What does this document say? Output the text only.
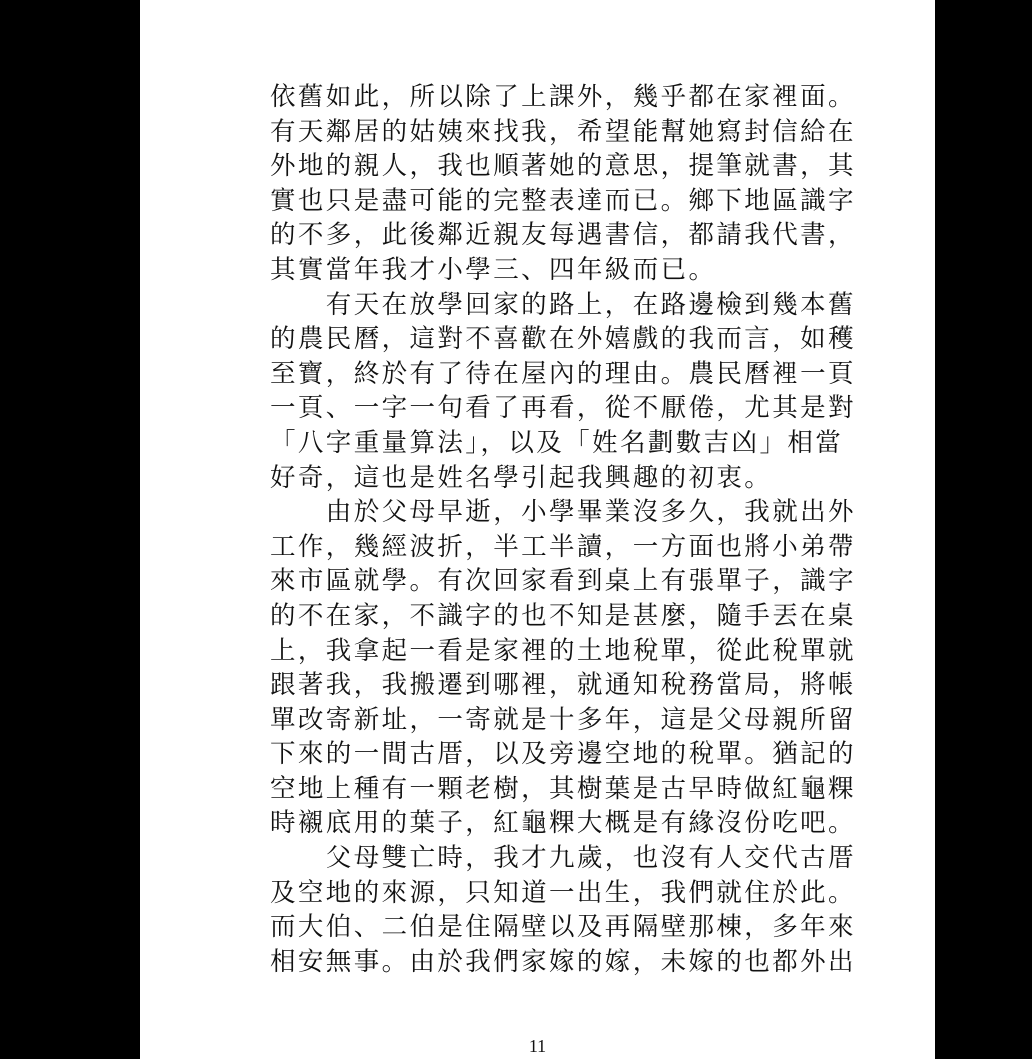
依舊如此，所以除了上課外，幾乎都在家裡面。
有天鄰居的姑姨來找我，希望能幫她寫封信給在
外地的親人，我也順著她的意思，提筆就書，其
實也只是盡可能的完整表達而已。鄉下地區識字
的不多，此後鄰近親友每遇書信，都請我代書，
其實當年我才小學三、四年級而已。
　　有天在放學回家的路上，在路邊檢到幾本舊
的農民曆，這對不喜歡在外嬉戲的我而言，如穫
至寶，終於有了待在屋內的理由。農民曆裡一頁
一頁、一字一句看了再看，從不厭倦，尤其是對
「八字重量算法」，以及「姓名劃數吉凶」相當
好奇，這也是姓名學引起我興趣的初衷。
　　由於父母早逝，小學畢業沒多久，我就出外
工作，幾經波折，半工半讀，一方面也將小弟帶
來市區就學。有次回家看到桌上有張單子，識字
的不在家，不識字的也不知是甚麼，隨手丟在桌
上，我拿起一看是家裡的土地稅單，從此稅單就
跟著我，我搬遷到哪裡，就通知稅務當局，將帳
單改寄新址，一寄就是十多年，這是父母親所留
下來的一間古厝，以及旁邊空地的稅單。猶記的
空地上種有一顆老樹，其樹葉是古早時做紅龜粿
時襯底用的葉子，紅龜粿大概是有緣沒份吃吧。
　　父母雙亡時，我才九歲，也沒有人交代古厝
及空地的來源，只知道一出生，我們就住於此。
而大伯、二伯是住隔壁以及再隔壁那棟，多年來
相安無事。由於我們家嫁的嫁，未嫁的也都外出
11
